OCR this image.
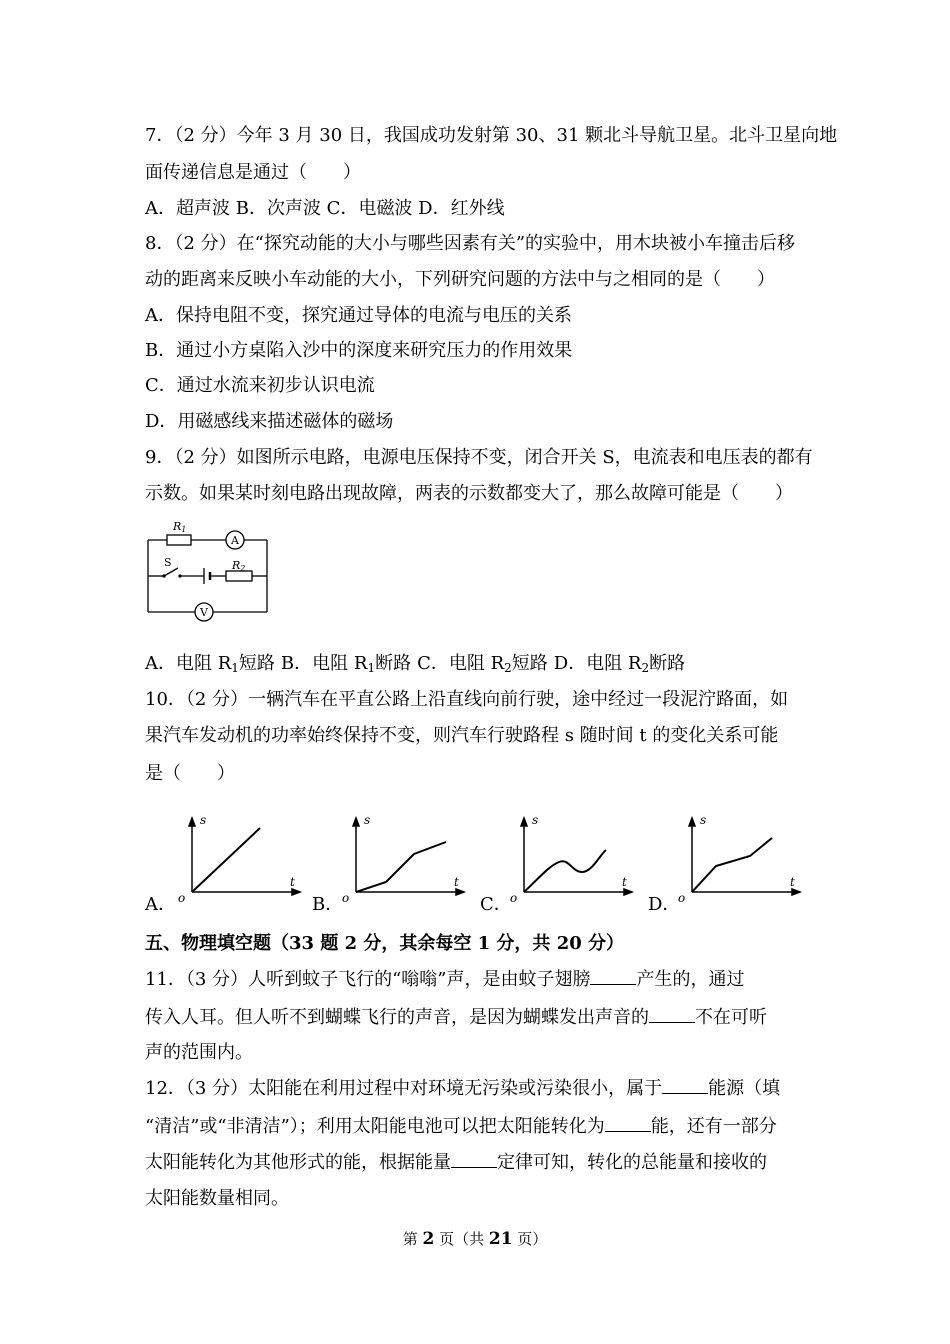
7．（2 分）今年 3 月 30 日，我国成功发射第 30、31 颗北斗导航卫星。北斗卫星向地
面传递信息是通过（　　）
A．超声波 B．次声波 C．电磁波 D．红外线
8．（2 分）在“探究动能的大小与哪些因素有关”的实验中，用木块被小车撞击后移
动的距离来反映小车动能的大小，下列研究问题的方法中与之相同的是（　　）
A．保持电阻不变，探究通过导体的电流与电压的关系
B．通过小方桌陷入沙中的深度来研究压力的作用效果
C．通过水流来初步认识电流
D．用磁感线来描述磁体的磁场
9．（2 分）如图所示电路，电源电压保持不变，闭合开关 S，电流表和电压表的都有
示数。如果某时刻电路出现故障，两表的示数都变大了，那么故障可能是（　　）
R1
R2
S
A
V
A．电阻 $R_1$短路B．电阻 $R_1$断路C．电阻 $R_2$短路D．电阻 $R_2$断路
10．（2 分）一辆汽车在平直公路上沿直线向前行驶，途中经过一段泥泞路面，如
果汽车发动机的功率始终保持不变，则汽车行驶路程 s 随时间 t 的变化关系可能
是（　　）
A．
s
t
o	B．
s
t
o	C．
s
t
o	D．
s
t
o
五、物理填空题（33 题 2 分，其余每空 1 分，共 20 分）
11．（3 分）人听到蚊子飞行的“嗡嗡”声，是由蚊子翅膀	产生的，通过
传入人耳。但人听不到蝴蝶飞行的声音，是因为蝴蝶发出声音的	不在可听
声的范围内。
12．（3 分）太阳能在利用过程中对环境无污染或污染很小，属于	能源（填
“清洁”或“非清洁”）；利用太阳能电池可以把太阳能转化为	能，还有一部分
太阳能转化为其他形式的能，根据能量	定律可知，转化的总能量和接收的
太阳能数量相同。
第 2 页（共 21 页）
